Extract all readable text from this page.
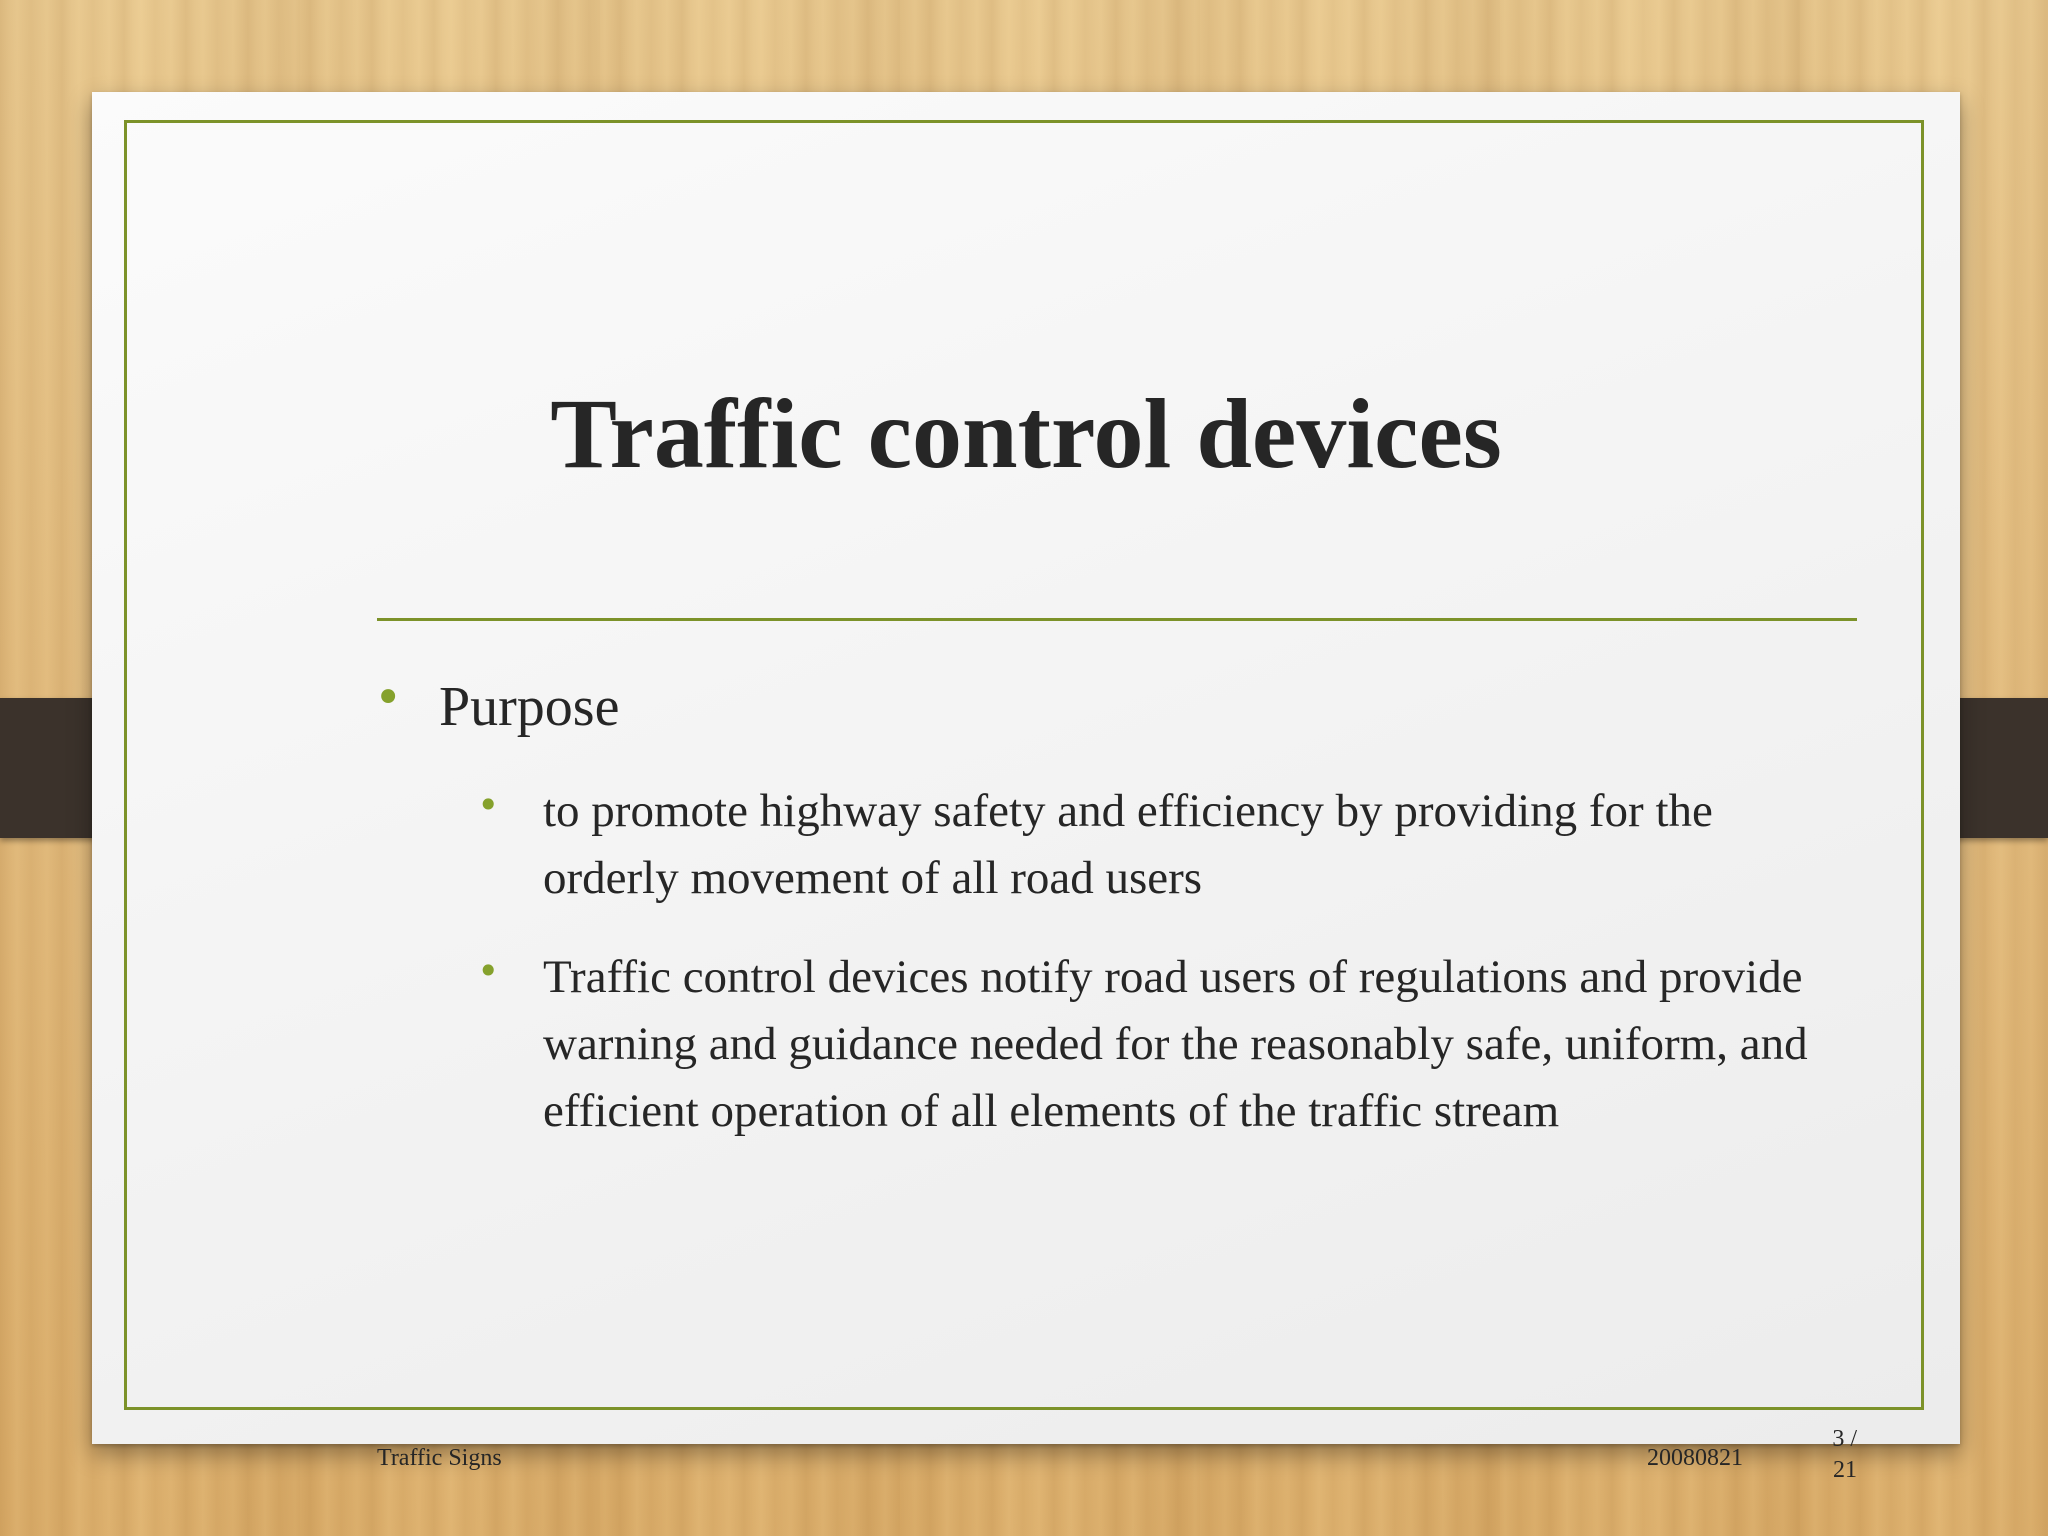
Traffic control devices
• Purpose
• to promote highway safety and efficiency by providing for the orderly movement of all road users
• Traffic control devices notify road users of regulations and provide warning and guidance needed for the reasonably safe, uniform, and efficient operation of all elements of the traffic stream
Traffic Signs	20080821
3 /
21
